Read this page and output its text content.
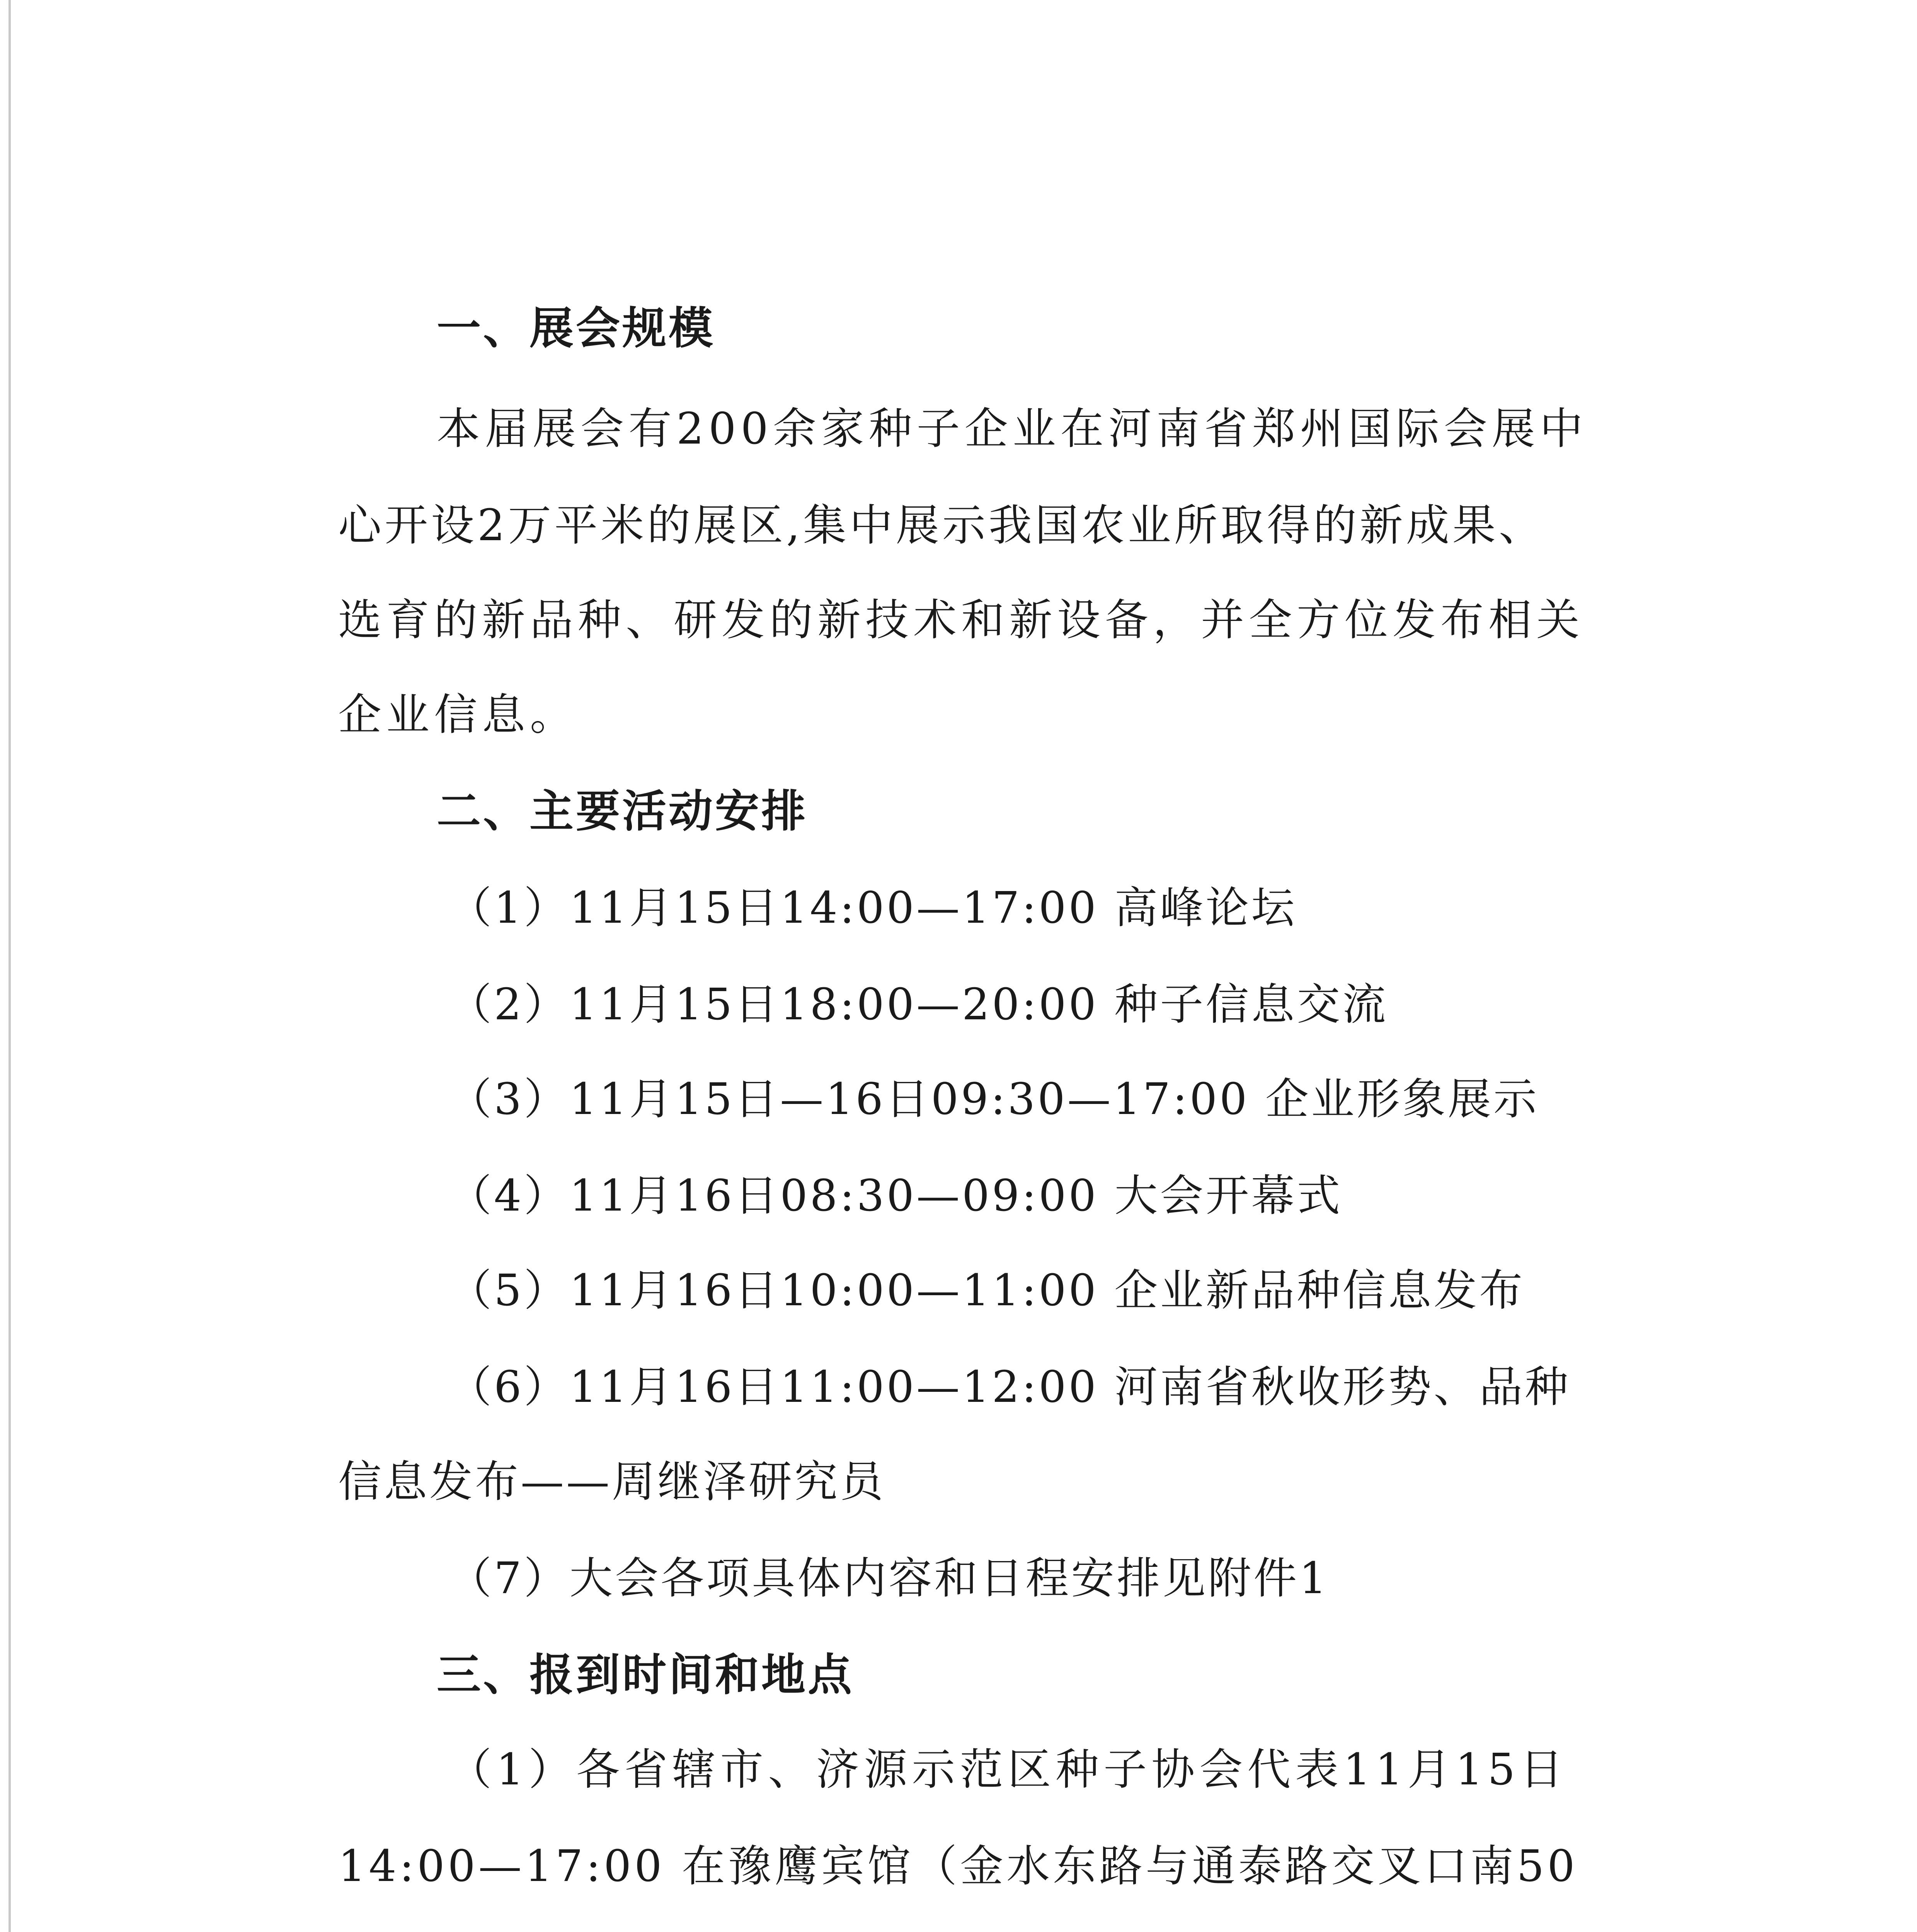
一、展会规模
本届展会有200余家种子企业在河南省郑州国际会展中
心开设2万平米的展区,集中展示我国农业所取得的新成果、
选育的新品种、研发的新技术和新设备，并全方位发布相关
企业信息。
二、主要活动安排
（1）11月15日14:00—17:00 高峰论坛
（2）11月15日18:00—20:00 种子信息交流
（3）11月15日—16日09:30—17:00 企业形象展示
（4）11月16日08:30—09:00 大会开幕式
（5）11月16日10:00—11:00 企业新品种信息发布
（6）11月16日11:00—12:00 河南省秋收形势、品种
信息发布——周继泽研究员
（7）大会各项具体内容和日程安排见附件1
三、报到时间和地点
（1）各省辖市、济源示范区种子协会代表11月15日
14:00—17:00 在豫鹰宾馆（金水东路与通泰路交叉口南50
